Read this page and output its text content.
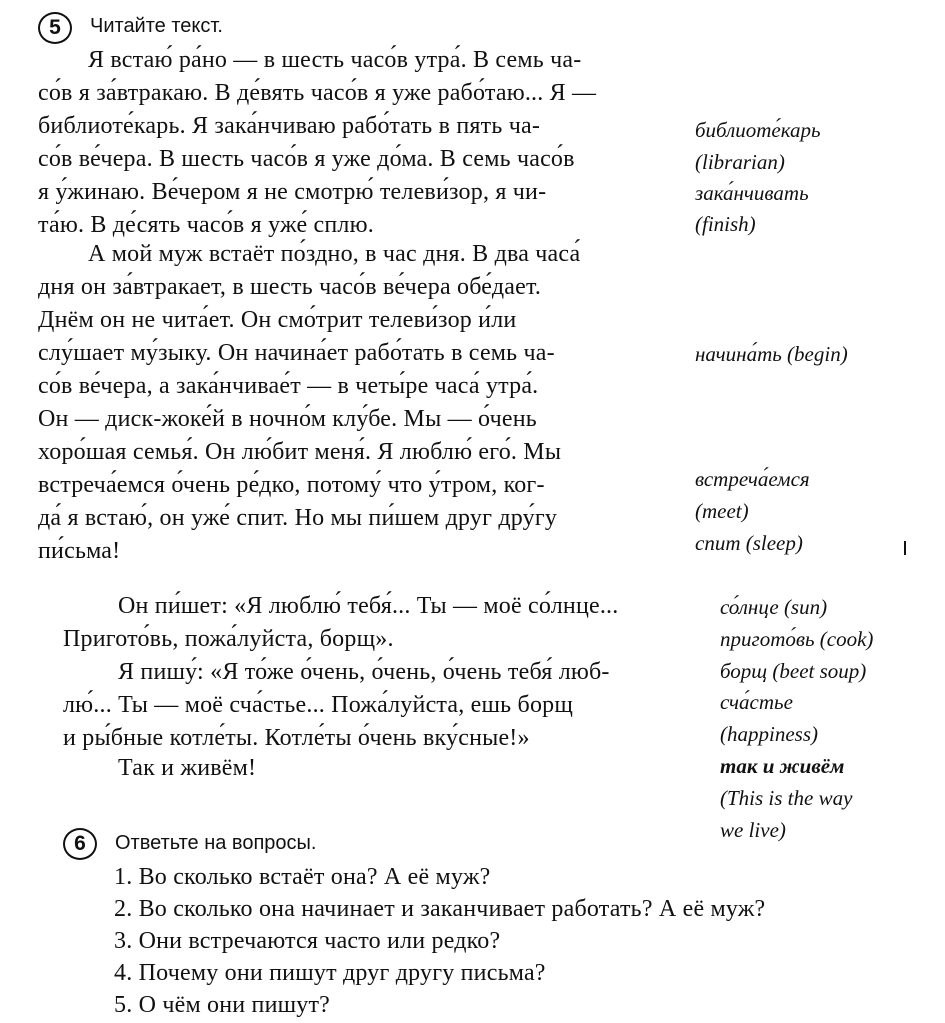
5	Читайте текст.
Я встаю́ ра́но — в шесть часо́в утра́. В семь ча-
со́в я за́втракаю. В де́вять часо́в я уже рабо́таю... Я —
библиоте́карь. Я зака́нчиваю рабо́тать в пять ча-
со́в ве́чера. В шесть часо́в я уже до́ма. В семь часо́в
я у́жинаю. Ве́чером я не смотрю́ телеви́зор, я чи-
та́ю. В де́сять часо́в я уже́ сплю.
А мой муж встаёт по́здно, в час дня. В два часа́
дня он за́втракает, в шесть часо́в ве́чера обе́дает.
Днём он не чита́ет. Он смо́трит телеви́зор и́ли
слу́шает му́зыку. Он начина́ет рабо́тать в семь ча-
со́в ве́чера, а зака́нчивае́т — в четы́ре часа́ утра́.
Он — диск-жоке́й в ночно́м клу́бе. Мы — о́чень
хоро́шая семья́. Он лю́бит меня́. Я люблю́ его́. Мы
встреча́емся о́чень ре́дко, потому́ что у́тром, ког-
да́ я встаю́, он уже́ спит. Но мы пи́шем друг дру́гу
пи́сьма!
библиоте́карь
(librarian)
зака́нчивать
(finish)
начина́ть (begin)
встреча́емся
(meet)
спит (sleep)
Он пи́шет: «Я люблю́ тебя́... Ты — моё со́лнце...
Пригото́вь, пожа́луйста, борщ».
Я пишу́: «Я то́же о́чень, о́чень, о́чень тебя́ люб-
лю́... Ты — моё сча́стье... Пожа́луйста, ешь борщ
и ры́бные котле́ты. Котле́ты о́чень вку́сные!»
Так и живём!
со́лнце (sun)
пригото́вь (cook)
борщ (beet soup)
сча́стье
(happiness)
так и живём
(This is the way
we live)
6	Ответьте на вопросы.
1. Во сколько встаёт она? А её муж?
2. Во сколько она начинает и заканчивает работать? А её муж?
3. Они встречаются часто или редко?
4. Почему они пишут друг другу письма?
5. О чём они пишут?
